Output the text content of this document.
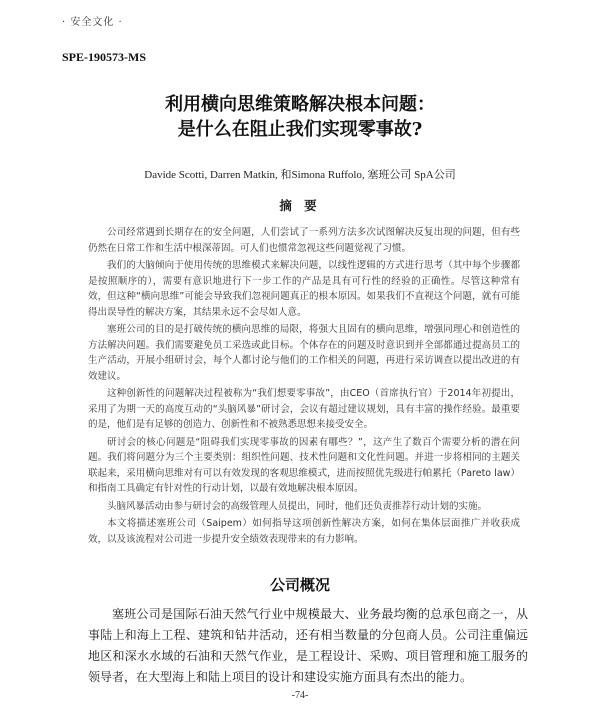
· 安全文化 ·
SPE-190573-MS
利用横向思维策略解决根本问题：
是什么在阻止我们实现零事故?
Davide Scotti, Darren Matkin, 和Simona Ruffolo, 塞班公司 SpA公司
摘 要

公司经常遇到长期存在的安全问题，人们尝试了一系列方法多次试图解决反复出现的问题，但有些仍然在日常工作和生活中根深蒂固。可人们也惯常忽视这些问题觉视了习惯。

我们的大脑倾向于使用传统的思维模式来解决问题，以线性逻辑的方式进行思考（其中每个步骤都是按照顺序的），需要有意识地进行下一步工作的产品是具有可行性的经验的正确性。尽管这种常有效，但这种“横向思维”可能会导致我们忽视问题真正的根本原因。如果我们不直视这个问题，就有可能得出误导性的解决方案，其结果永远不会尽如人意。

塞班公司的目的是打破传统的横向思维的局限，将强大且固有的横向思维，增强同理心和创造性的方法解决问题。我们需要避免员工采选或此目标。个体存在的问题及时意识到并全部都通过提高员工的生产活动，开展小组研讨会，每个人都讨论与他们的工作相关的问题，再进行采访调查以提出改进的有效建议。

这种创新性的问题解决过程被称为“我们想要零事故”，由CEO（首席执行官）于2014年初提出，采用了为期一天的高度互动的“头脑风暴”研讨会，会议有超过建议规划，具有丰富的操作经验。最重要的是，他们是有足够的创造力、创新性和不被熟悉思想来接受安全。

研讨会的核心问题是“阻碍我们实现零事故的因素有哪些？”，这产生了数百个需要分析的潜在问题。我们将问题分为三个主要类别：组织性问题、技术性问题和文化性问题。并进一步将相同的主题关联起来，采用横向思维对有可以有效发现的客观思维模式，进而按照优先级进行帕累托（Pareto law）和指南工具确定有针对性的行动计划，以最有效地解决根本原因。

头脑风暴活动由参与研讨会的高级管理人员提出，同时，他们还负责推荐行动计划的实施。

本文将描述塞班公司（Saipem）如何指导这项创新性解决方案，如何在集体层面推广并收获成效，以及该流程对公司进一步提升安全绩效表现带来的有力影响。

公司概况

塞班公司是国际石油天然气行业中规模最大、业务最均衡的总承包商之一，从事陆上和海上工程、建筑和钻井活动，还有相当数量的分包商人员。公司注重偏远地区和深水水域的石油和天然气作业，是工程设计、采购、项目管理和施工服务的领导者，在大型海上和陆上项目的设计和建设实施方面具有杰出的能力。

-74-
